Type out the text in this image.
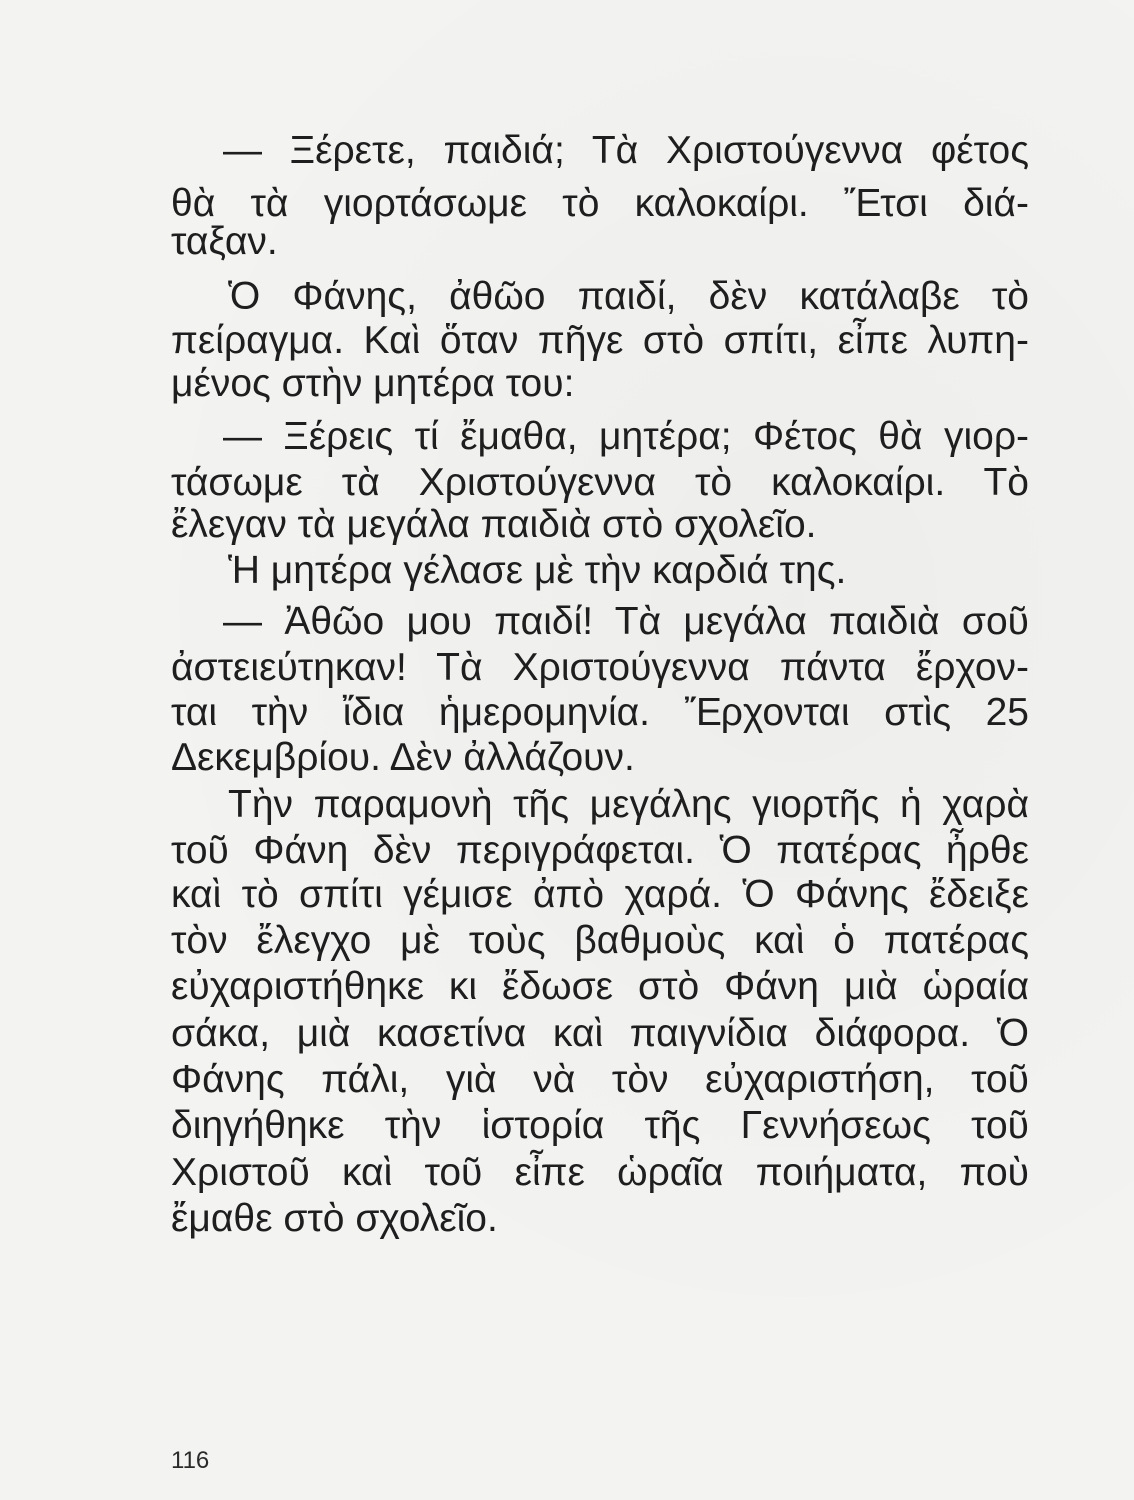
— Ξέρετε, παιδιά; Τὰ Χριστούγεννα φέτος
θὰ τὰ γιορτάσωμε τὸ καλοκαίρι. Ἔτσι διά-
ταξαν.
Ὁ Φάνης, ἀθῶο παιδί, δὲν κατάλαβε τὸ
πείραγμα. Καὶ ὅταν πῆγε στὸ σπίτι, εἶπε λυπη-
μένος στὴν μητέρα του:
— Ξέρεις τί ἔμαθα, μητέρα; Φέτος θὰ γιορ-
τάσωμε τὰ Χριστούγεννα τὸ καλοκαίρι. Τὸ
ἔλεγαν τὰ μεγάλα παιδιὰ στὸ σχολεῖο.
Ἡ μητέρα γέλασε μὲ τὴν καρδιά της.
— Ἀθῶο μου παιδί! Τὰ μεγάλα παιδιὰ σοῦ
ἀστειεύτηκαν! Τὰ Χριστούγεννα πάντα ἔρχον-
ται τὴν ἴδια ἡμερομηνία. Ἔρχονται στὶς 25
Δεκεμβρίου. Δὲν ἀλλάζουν.
Τὴν παραμονὴ τῆς μεγάλης γιορτῆς ἡ χαρὰ
τοῦ Φάνη δὲν περιγράφεται. Ὁ πατέρας ἦρθε
καὶ τὸ σπίτι γέμισε ἀπὸ χαρά. Ὁ Φάνης ἔδειξε
τὸν ἔλεγχο μὲ τοὺς βαθμοὺς καὶ ὁ πατέρας
εὐχαριστήθηκε κι ἔδωσε στὸ Φάνη μιὰ ὡραία
σάκα, μιὰ κασετίνα καὶ παιγνίδια διάφορα. Ὁ
Φάνης πάλι, γιὰ νὰ τὸν εὐχαριστήση, τοῦ
διηγήθηκε τὴν ἱστορία τῆς Γεννήσεως τοῦ
Χριστοῦ καὶ τοῦ εἶπε ὡραῖα ποιήματα, ποὺ
ἔμαθε στὸ σχολεῖο.
116
